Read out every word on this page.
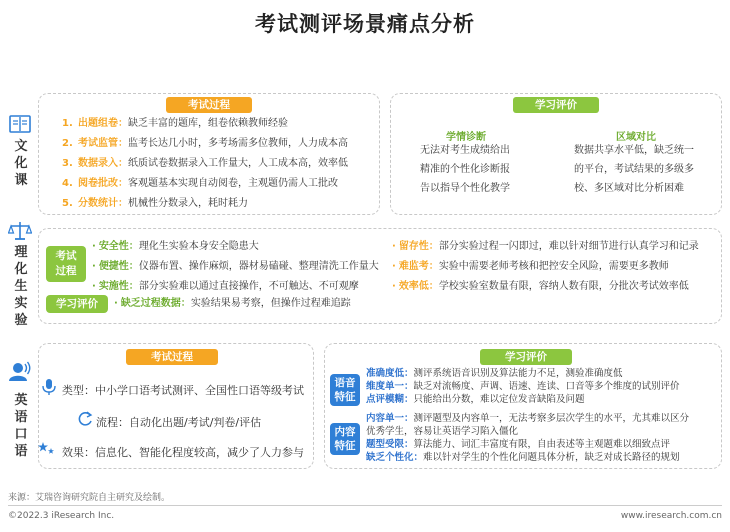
考试测评场景痛点分析
文
化
课
考试过程
1. 出题组卷：缺乏丰富的题库，组卷依赖教师经验
2. 考试监管：监考长达几小时，多考场需多位教师，人力成本高
3. 数据录入：纸质试卷数据录入工作量大，人工成本高，效率低
4. 阅卷批改：客观题基本实现自动阅卷，主观题仍需人工批改
5. 分数统计：机械性分数录入，耗时耗力
学习评价
学情诊断
无法对考生成绩给出
精准的个性化诊断报
告以指导个性化教学
区域对比
数据共享水平低，缺乏统一
的平台，考试结果的多级多
校、多区域对比分析困难
理
化
生
实
验
考试
过程
学习评价
· 安全性：理化生实验本身安全隐患大
· 便捷性：仪器布置、操作麻烦，器材易磕碰、整理清洗工作量大
· 实施性：部分实验难以通过直接操作，不可触达、不可观摩
· 留存性：部分实验过程一闪即过，难以针对细节进行认真学习和记录
· 难监考：实验中需要老师考核和把控安全风险，需要更多教师
· 效率低：学校实验室数量有限，容纳人数有限，分批次考试效率低
· 缺乏过程数据：实验结果易考察，但操作过程难追踪
英
语
口
语
考试过程
类型：中小学口语考试测评、全国性口语等级考试
流程：自动化出题/考试/判卷/评估
效果：信息化、智能化程度较高，减少了人力参与
学习评价
语音
特征
准确度低：测评系统语音识别及算法能力不足，测验准确度低
维度单一：缺乏对流畅度、声调、语速、连读、口音等多个维度的试别评价
点评模糊：只能给出分数，难以定位发音缺陷及问题
内容
特征
内容单一：测评题型及内容单一，无法考察多层次学生的水平，尤其难以区分
优秀学生，容易让英语学习陷入僵化
题型受限：算法能力、词汇丰富度有限，自由表述等主观题难以细致点评
缺乏个性化：难以针对学生的个性化问题具体分析，缺乏对成长路径的规划
来源：艾瑞咨询研究院自主研究及绘制。
©2022.3 iResearch Inc.	www.iresearch.com.cn
